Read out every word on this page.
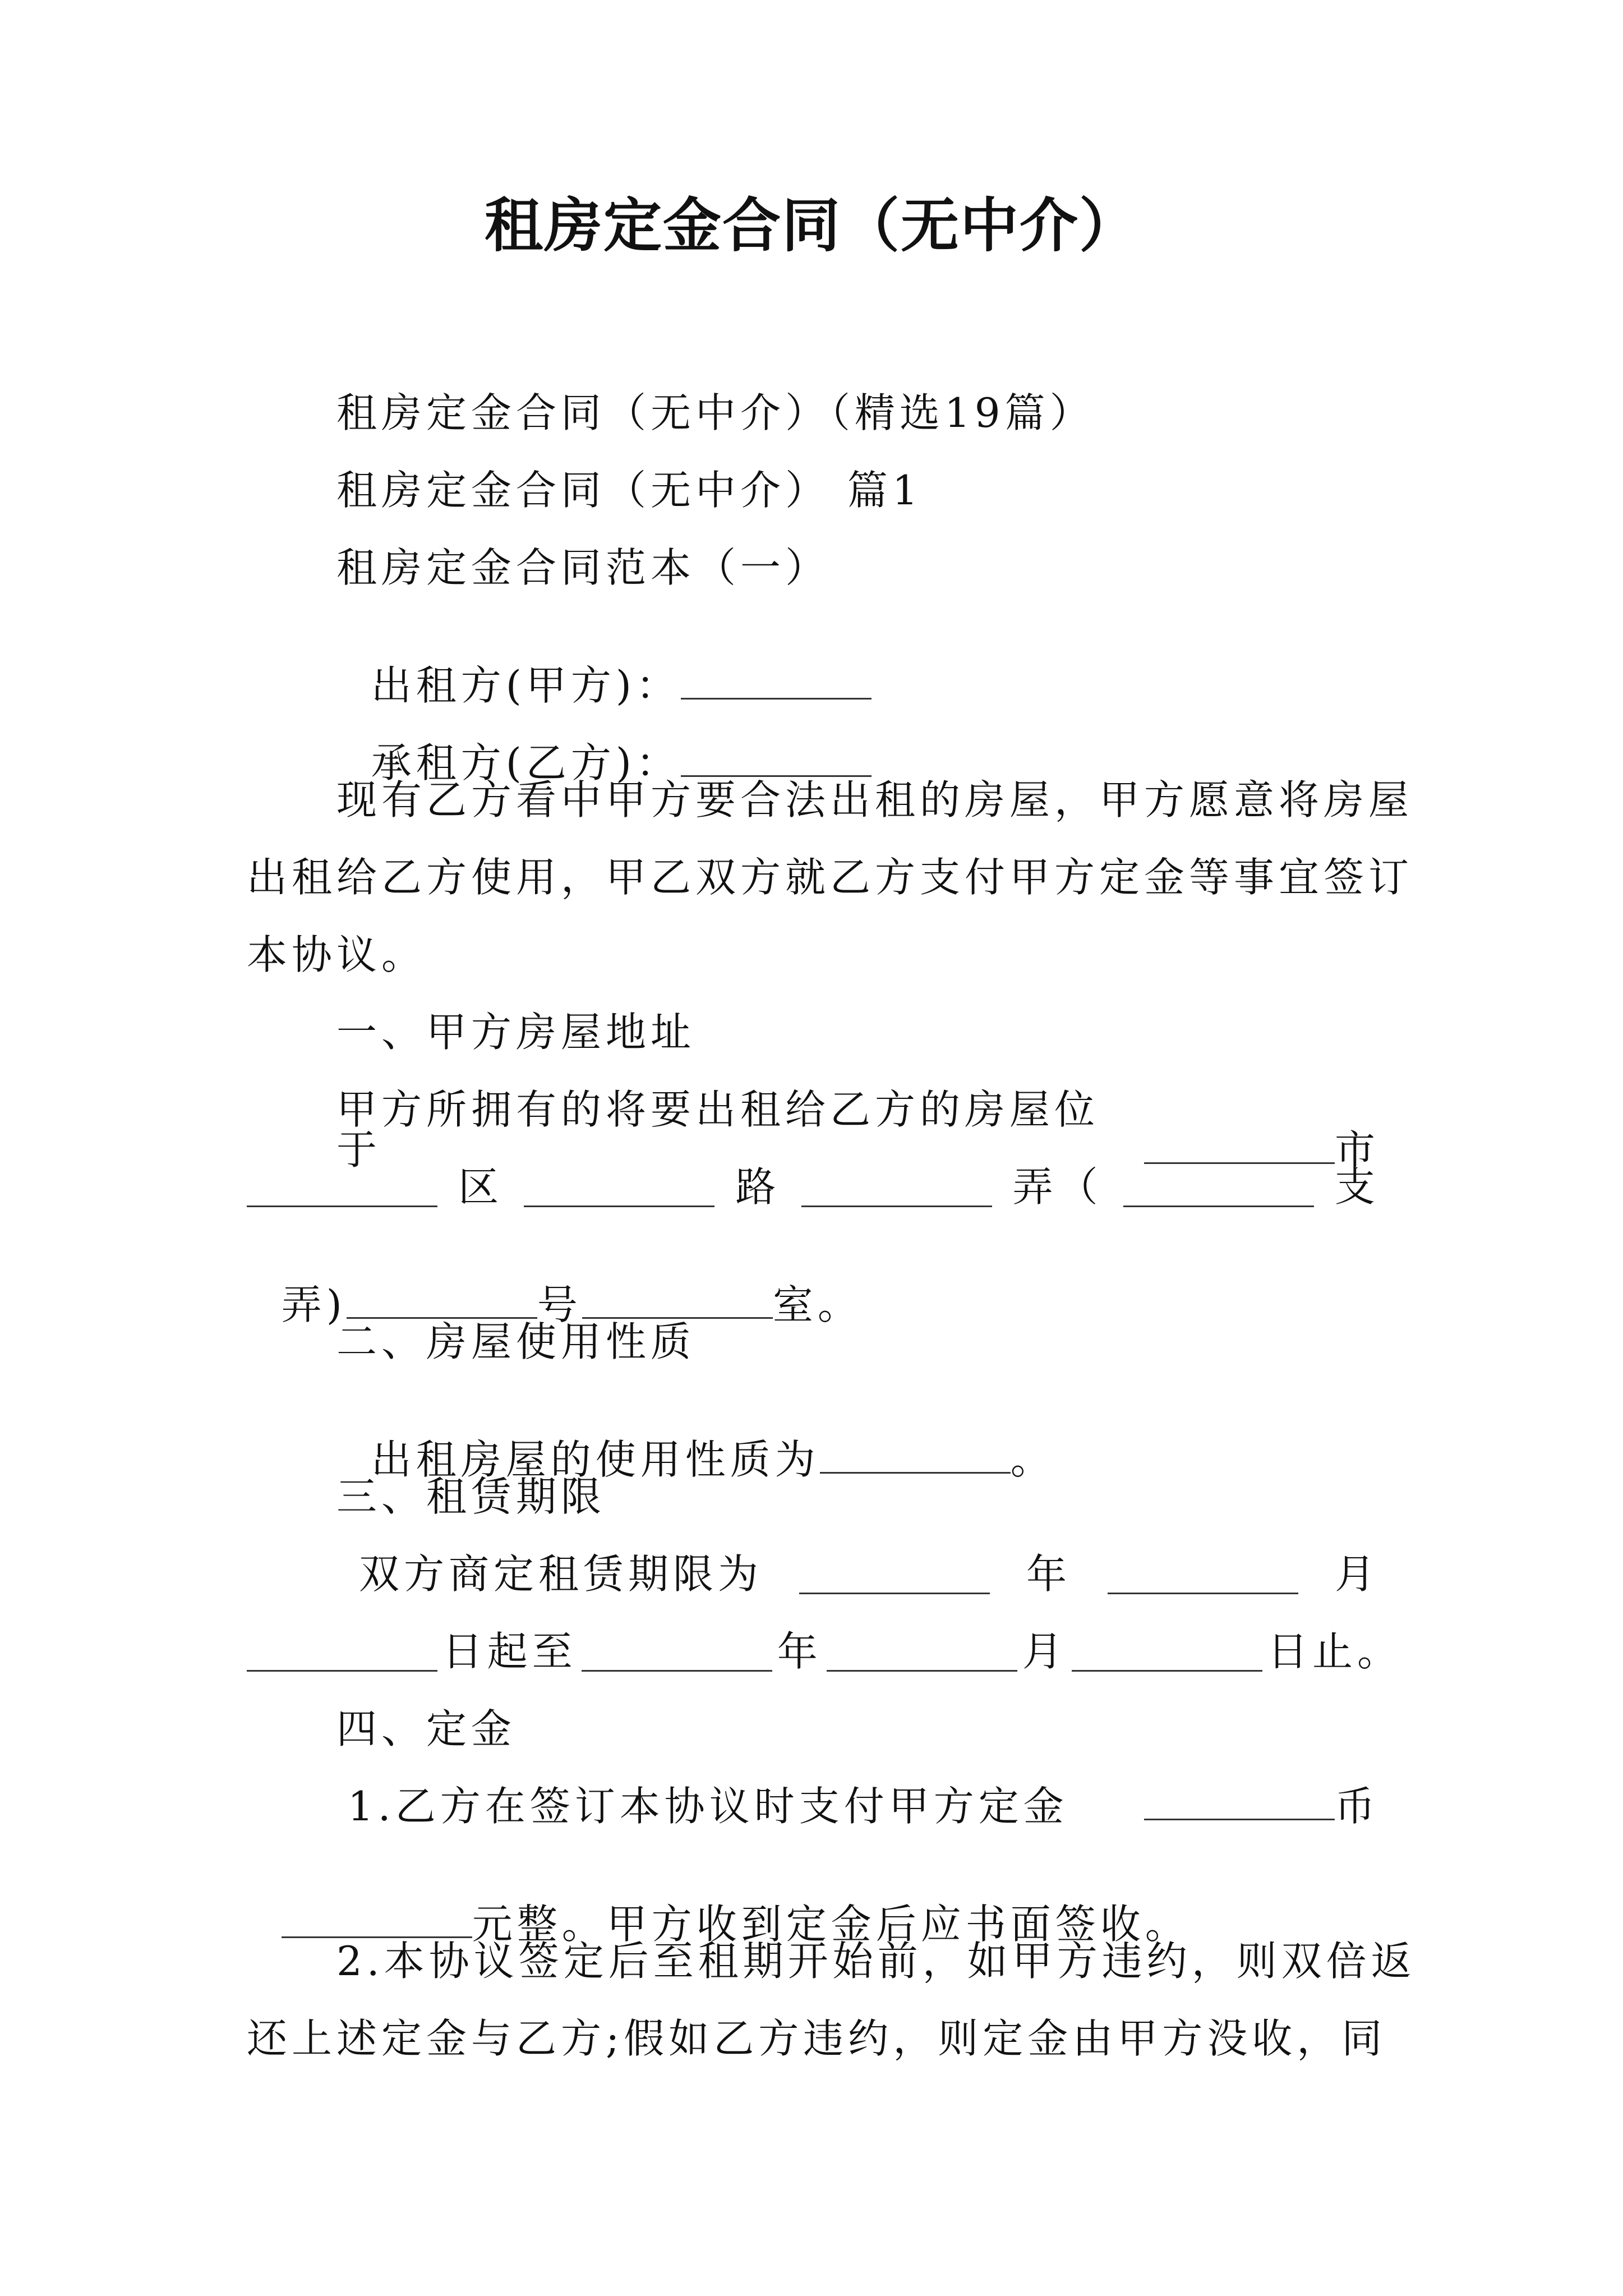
租房定金合同（无中介）
租房定金合同（无中介）（精选19篇）
租房定金合同（无中介） 篇1
租房定金合同范本（一）

出租方(甲方)：

承租方(乙方)：

现有乙方看中甲方要合法出租的房屋，甲方愿意将房屋
出租给乙方使用，甲乙双方就乙方支付甲方定金等事宜签订
本协议。
一、甲方房屋地址
甲方所拥有的将要出租给乙方的房屋位于	市
区	路	弄（	支

弄)	号	室。

二、房屋使用性质

出租房屋的使用性质为	。

三、租赁期限
双方商定租赁期限为	年	月
日起至	年	月	日止。
四、定金
1.乙方在签订本协议时支付甲方定金	币

元整。甲方收到定金后应书面签收。

2.本协议签定后至租期开始前，如甲方违约，则双倍返
还上述定金与乙方;假如乙方违约，则定金由甲方没收，同
